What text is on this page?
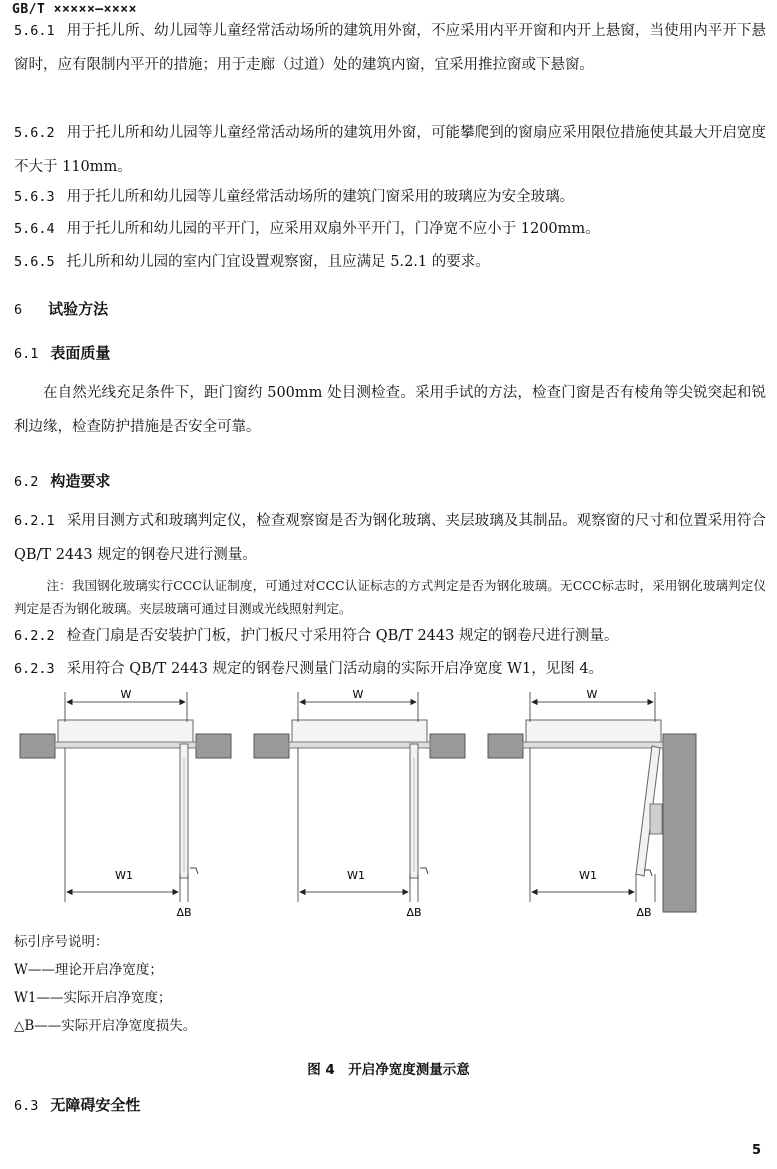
GB/T ×××××—××××
5.6.1 用于托儿所、幼儿园等儿童经常活动场所的建筑用外窗，不应采用内平开窗和内开上悬窗，当使用内平开下悬窗时，应有限制内平开的措施；用于走廊（过道）处的建筑内窗，宜采用推拉窗或下悬窗。
5.6.2 用于托儿所和幼儿园等儿童经常活动场所的建筑用外窗，可能攀爬到的窗扇应采用限位措施使其最大开启宽度不大于 110mm。
5.6.3 用于托儿所和幼儿园等儿童经常活动场所的建筑门窗采用的玻璃应为安全玻璃。
5.6.4 用于托儿所和幼儿园的平开门，应采用双扇外平开门，门净宽不应小于 1200mm。
5.6.5 托儿所和幼儿园的室内门宜设置观察窗，且应满足 5.2.1 的要求。
6 试验方法
6.1 表面质量
在自然光线充足条件下，距门窗约 500mm 处目测检查。采用手试的方法，检查门窗是否有棱角等尖锐突起和锐利边缘，检查防护措施是否安全可靠。
6.2 构造要求
6.2.1 采用目测方式和玻璃判定仪，检查观察窗是否为钢化玻璃、夹层玻璃及其制品。观察窗的尺寸和位置采用符合 QB/T 2443 规定的钢卷尺进行测量。
注：我国钢化玻璃实行CCC认证制度，可通过对CCC认证标志的方式判定是否为钢化玻璃。无CCC标志时，采用钢化玻璃判定仪判定是否为钢化玻璃。夹层玻璃可通过目测或光线照射判定。
6.2.2 检查门扇是否安装护门板，护门板尺寸采用符合 QB/T 2443 规定的钢卷尺进行测量。
6.2.3 采用符合 QB/T 2443 规定的钢卷尺测量门活动扇的实际开启净宽度 W1，见图 4。
W
W1
ΔB
W
W1
ΔB
W
W1
ΔB
标引序号说明：
W——理论开启净宽度；
W1——实际开启净宽度；
△B——实际开启净宽度损失。
图 4　开启净宽度测量示意
6.3 无障碍安全性
5
